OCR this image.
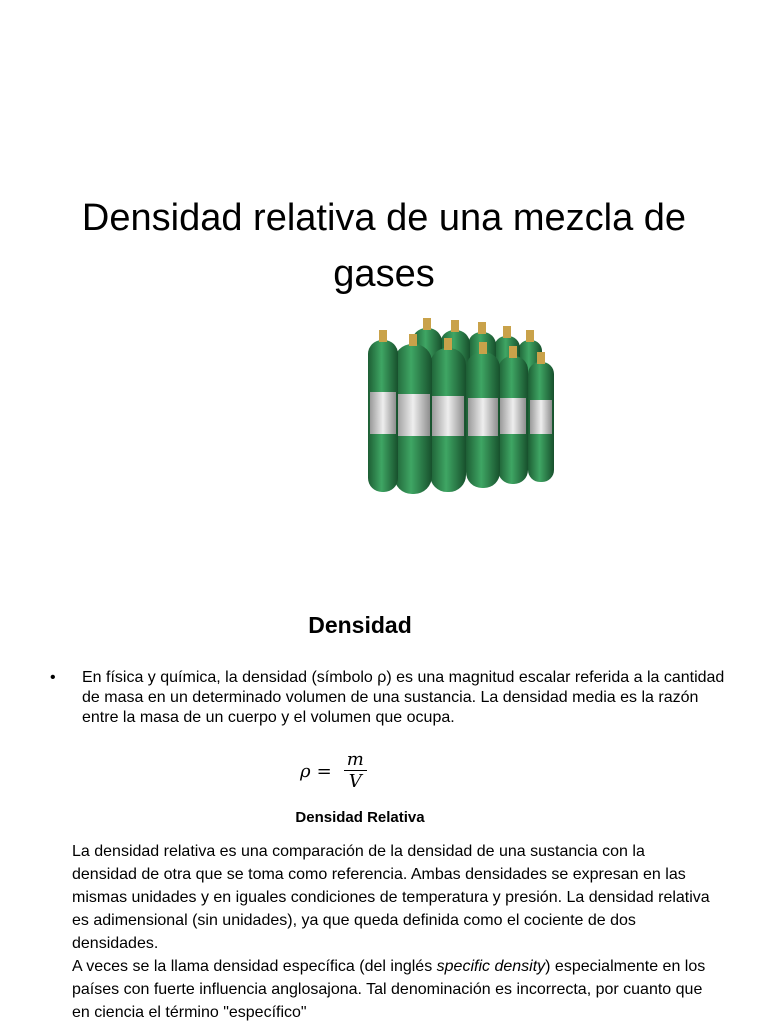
Densidad relativa de una mezcla de gases
Densidad
• En física y química, la densidad (símbolo ρ) es una magnitud escalar referida a la cantidad de masa en un determinado volumen de una sustancia. La densidad media es la razón entre la masa de un cuerpo y el volumen que ocupa.
$\rho = \frac{m}{V}$
Densidad Relativa

La densidad relativa es una comparación de la densidad de una sustancia con la densidad de otra que se toma como referencia. Ambas densidades se expresan en las mismas unidades y en iguales condiciones de temperatura y presión. La densidad relativa es adimensional (sin unidades), ya que queda definida como el cociente de dos densidades.

A veces se la llama densidad específica (del inglés specific density) especialmente en los países con fuerte influencia anglosajona. Tal denominación es incorrecta, por cuanto que en ciencia el término "específico"
